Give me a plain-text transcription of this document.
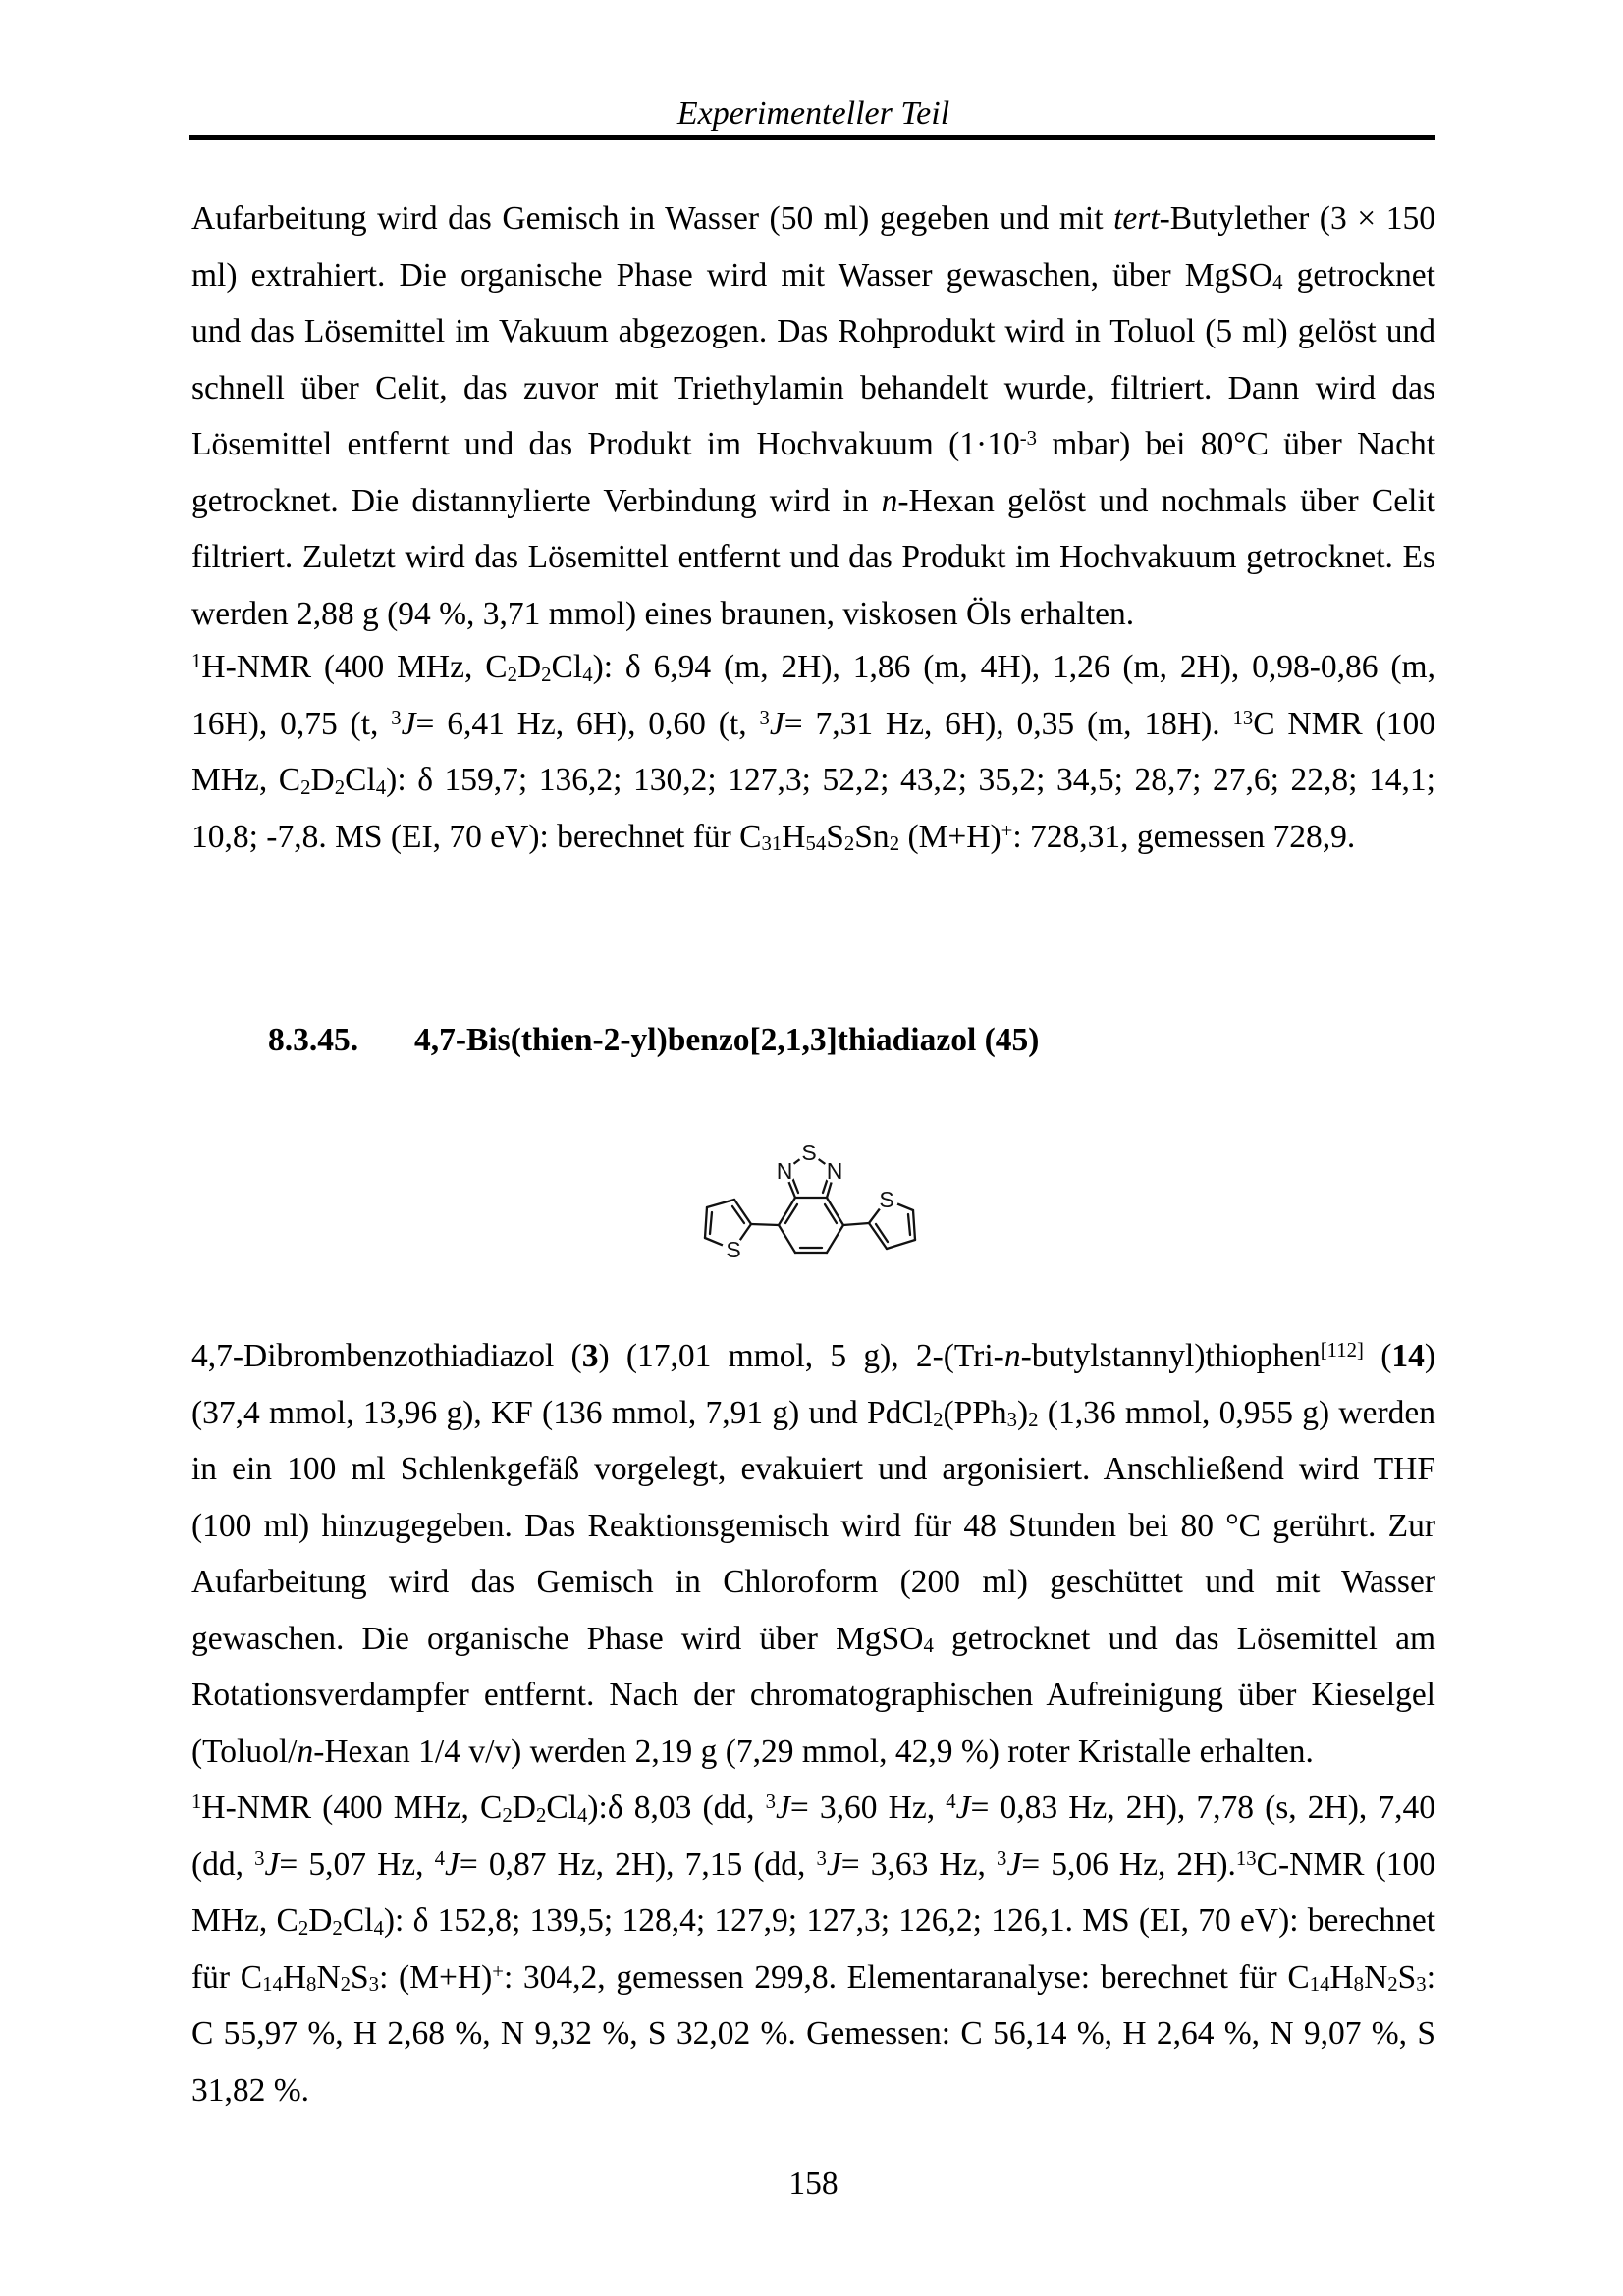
Experimenteller Teil
Aufarbeitung wird das Gemisch in Wasser (50 ml) gegeben und mit tert-Butylether (3 × 150
ml) extrahiert. Die organische Phase wird mit Wasser gewaschen, über MgSO$_4$ getrocknet
und das Lösemittel im Vakuum abgezogen. Das Rohprodukt wird in Toluol (5 ml) gelöst und
schnell über Celit, das zuvor mit Triethylamin behandelt wurde, filtriert. Dann wird das
Lösemittel entfernt und das Produkt im Hochvakuum ($1\cdot 10^{-3}$ mbar) bei 80°C über Nacht
getrocknet. Die distannylierte Verbindung wird in n-Hexan gelöst und nochmals über Celit
filtriert. Zuletzt wird das Lösemittel entfernt und das Produkt im Hochvakuum getrocknet. Es
werden 2,88 g (94 %, 3,71 mmol) eines braunen, viskosen Öls erhalten.
$^1$H-NMR (400 MHz, $C_2D_2Cl_4$): δ 6,94 (m, 2H), 1,86 (m, 4H), 1,26 (m, 2H), 0,98-0,86 (m,
16H), 0,75 (t, $^3$J= 6,41 Hz, 6H), 0,60 (t, $^3$J= 7,31 Hz, 6H), 0,35 (m, 18H). $^{13}$C NMR (100
MHz, $C_2D_2Cl_4$): δ 159,7; 136,2; 130,2; 127,3; 52,2; 43,2; 35,2; 34,5; 28,7; 27,6; 22,8; 14,1;
10,8; -7,8. MS (EI, 70 eV): berechnet für $C_{31}H_{54}S_2Sn_2$ (M+H)+: 728,31, gemessen 728,9.
8.3.45. 4,7-Bis(thien-2-yl)benzo[2,1,3]thiadiazol (45)
S
N N
S
S
4,7-Dibrombenzothiadiazol (3) (17,01 mmol, 5 g), 2-(Tri-n-butylstannyl)thiophen[112] (14)
(37,4 mmol, 13,96 g), KF (136 mmol, 7,91 g) und $PdCl_2(PPh_3)_2$ (1,36 mmol, 0,955 g) werden
in ein 100 ml Schlenkgefäß vorgelegt, evakuiert und argonisiert. Anschließend wird THF
(100 ml) hinzugegeben. Das Reaktionsgemisch wird für 48 Stunden bei 80 °C gerührt. Zur
Aufarbeitung wird das Gemisch in Chloroform (200 ml) geschüttet und mit Wasser
gewaschen. Die organische Phase wird über MgSO$_4$ getrocknet und das Lösemittel am
Rotationsverdampfer entfernt. Nach der chromatographischen Aufreinigung über Kieselgel
(Toluol/n-Hexan 1/4 v/v) werden 2,19 g (7,29 mmol, 42,9 %) roter Kristalle erhalten.
$^1$H-NMR (400 MHz, $C_2D_2Cl_4):\delta$ 8,03 (dd, $^3$J= 3,60 Hz, $^4$J= 0,83 Hz, 2H), 7,78 (s, 2H), 7,40
(dd, $^3$J= 5,07 Hz, $^4$J= 0,87 Hz, 2H), 7,15 (dd, $^3$J= 3,63 Hz, $^3$J= 5,06 Hz, 2H).$^{13}$C-NMR (100
MHz, $C_2D_2Cl_4$): δ 152,8; 139,5; 128,4; 127,9; 127,3; 126,2; 126,1. MS (EI, 70 eV): berechnet
für $C_{14}H_8N_2S_3$: (M+H)+: 304,2, gemessen 299,8. Elementaranalyse: berechnet für $C_{14}H_8N_2S_3$:
C 55,97 %, H 2,68 %, N 9,32 %, S 32,02 %. Gemessen: C 56,14 %, H 2,64 %, N 9,07 %, S
31,82 %.
158
